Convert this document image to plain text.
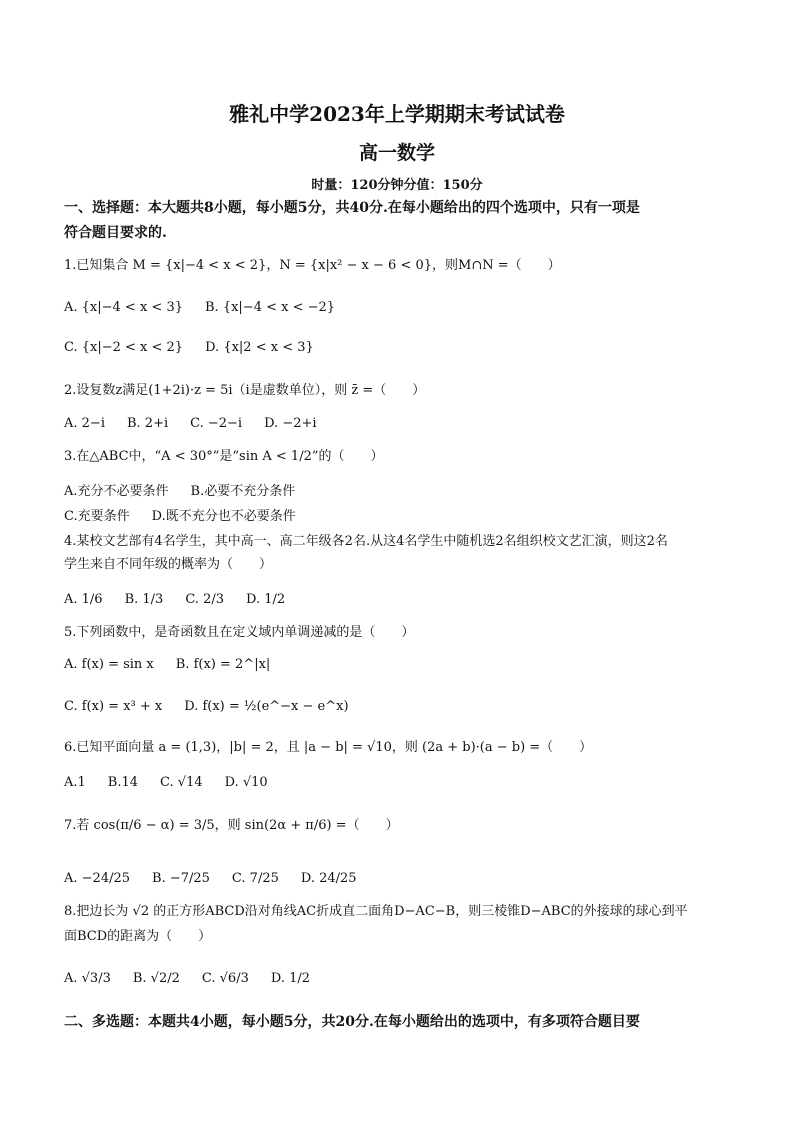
雅礼中学2023年上学期期末考试试卷
高一数学
时量：120分钟分值：150分
一、选择题：本大题共8小题，每小题5分，共40分.在每小题给出的四个选项中，只有一项是
符合题目要求的.
1.已知集合 M = {x|−4 < x < 2}，N = {x|x² − x − 6 < 0}，则M∩N =（　　）
A. {x|−4 < x < 3} B. {x|−4 < x < −2}
C. {x|−2 < x < 2} D. {x|2 < x < 3}
2.设复数z满足(1+2i)·z = 5i（i是虚数单位），则 z̄ =（　　）
A. 2−i B. 2+i C. −2−i D. −2+i
3.在△ABC中，“A < 30°”是“sin A < 1/2”的（　　）
A.充分不必要条件 B.必要不充分条件
C.充要条件 D.既不充分也不必要条件
4.某校文艺部有4名学生，其中高一、高二年级各2名.从这4名学生中随机选2名组织校文艺汇演，则这2名
学生来自不同年级的概率为（　　）
A. 1/6 B. 1/3 C. 2/3 D. 1/2
5.下列函数中，是奇函数且在定义域内单调递减的是（　　）
A. f(x) = sin x B. f(x) = 2^|x|
C. f(x) = x³ + x D. f(x) = ½(e^−x − e^x)
6.已知平面向量 a = (1,3)，|b| = 2，且 |a − b| = √10，则 (2a + b)·(a − b) =（　　）
A.1 B.14 C. √14 D. √10
7.若 cos(π/6 − α) = 3/5，则 sin(2α + π/6) =（　　）
A. −24/25 B. −7/25 C. 7/25 D. 24/25
8.把边长为 √2 的正方形ABCD沿对角线AC折成直二面角D−AC−B，则三棱锥D−ABC的外接球的球心到平
面BCD的距离为（　　）
A. √3/3 B. √2/2 C. √6/3 D. 1/2
二、多选题：本题共4小题，每小题5分，共20分.在每小题给出的选项中，有多项符合题目要
